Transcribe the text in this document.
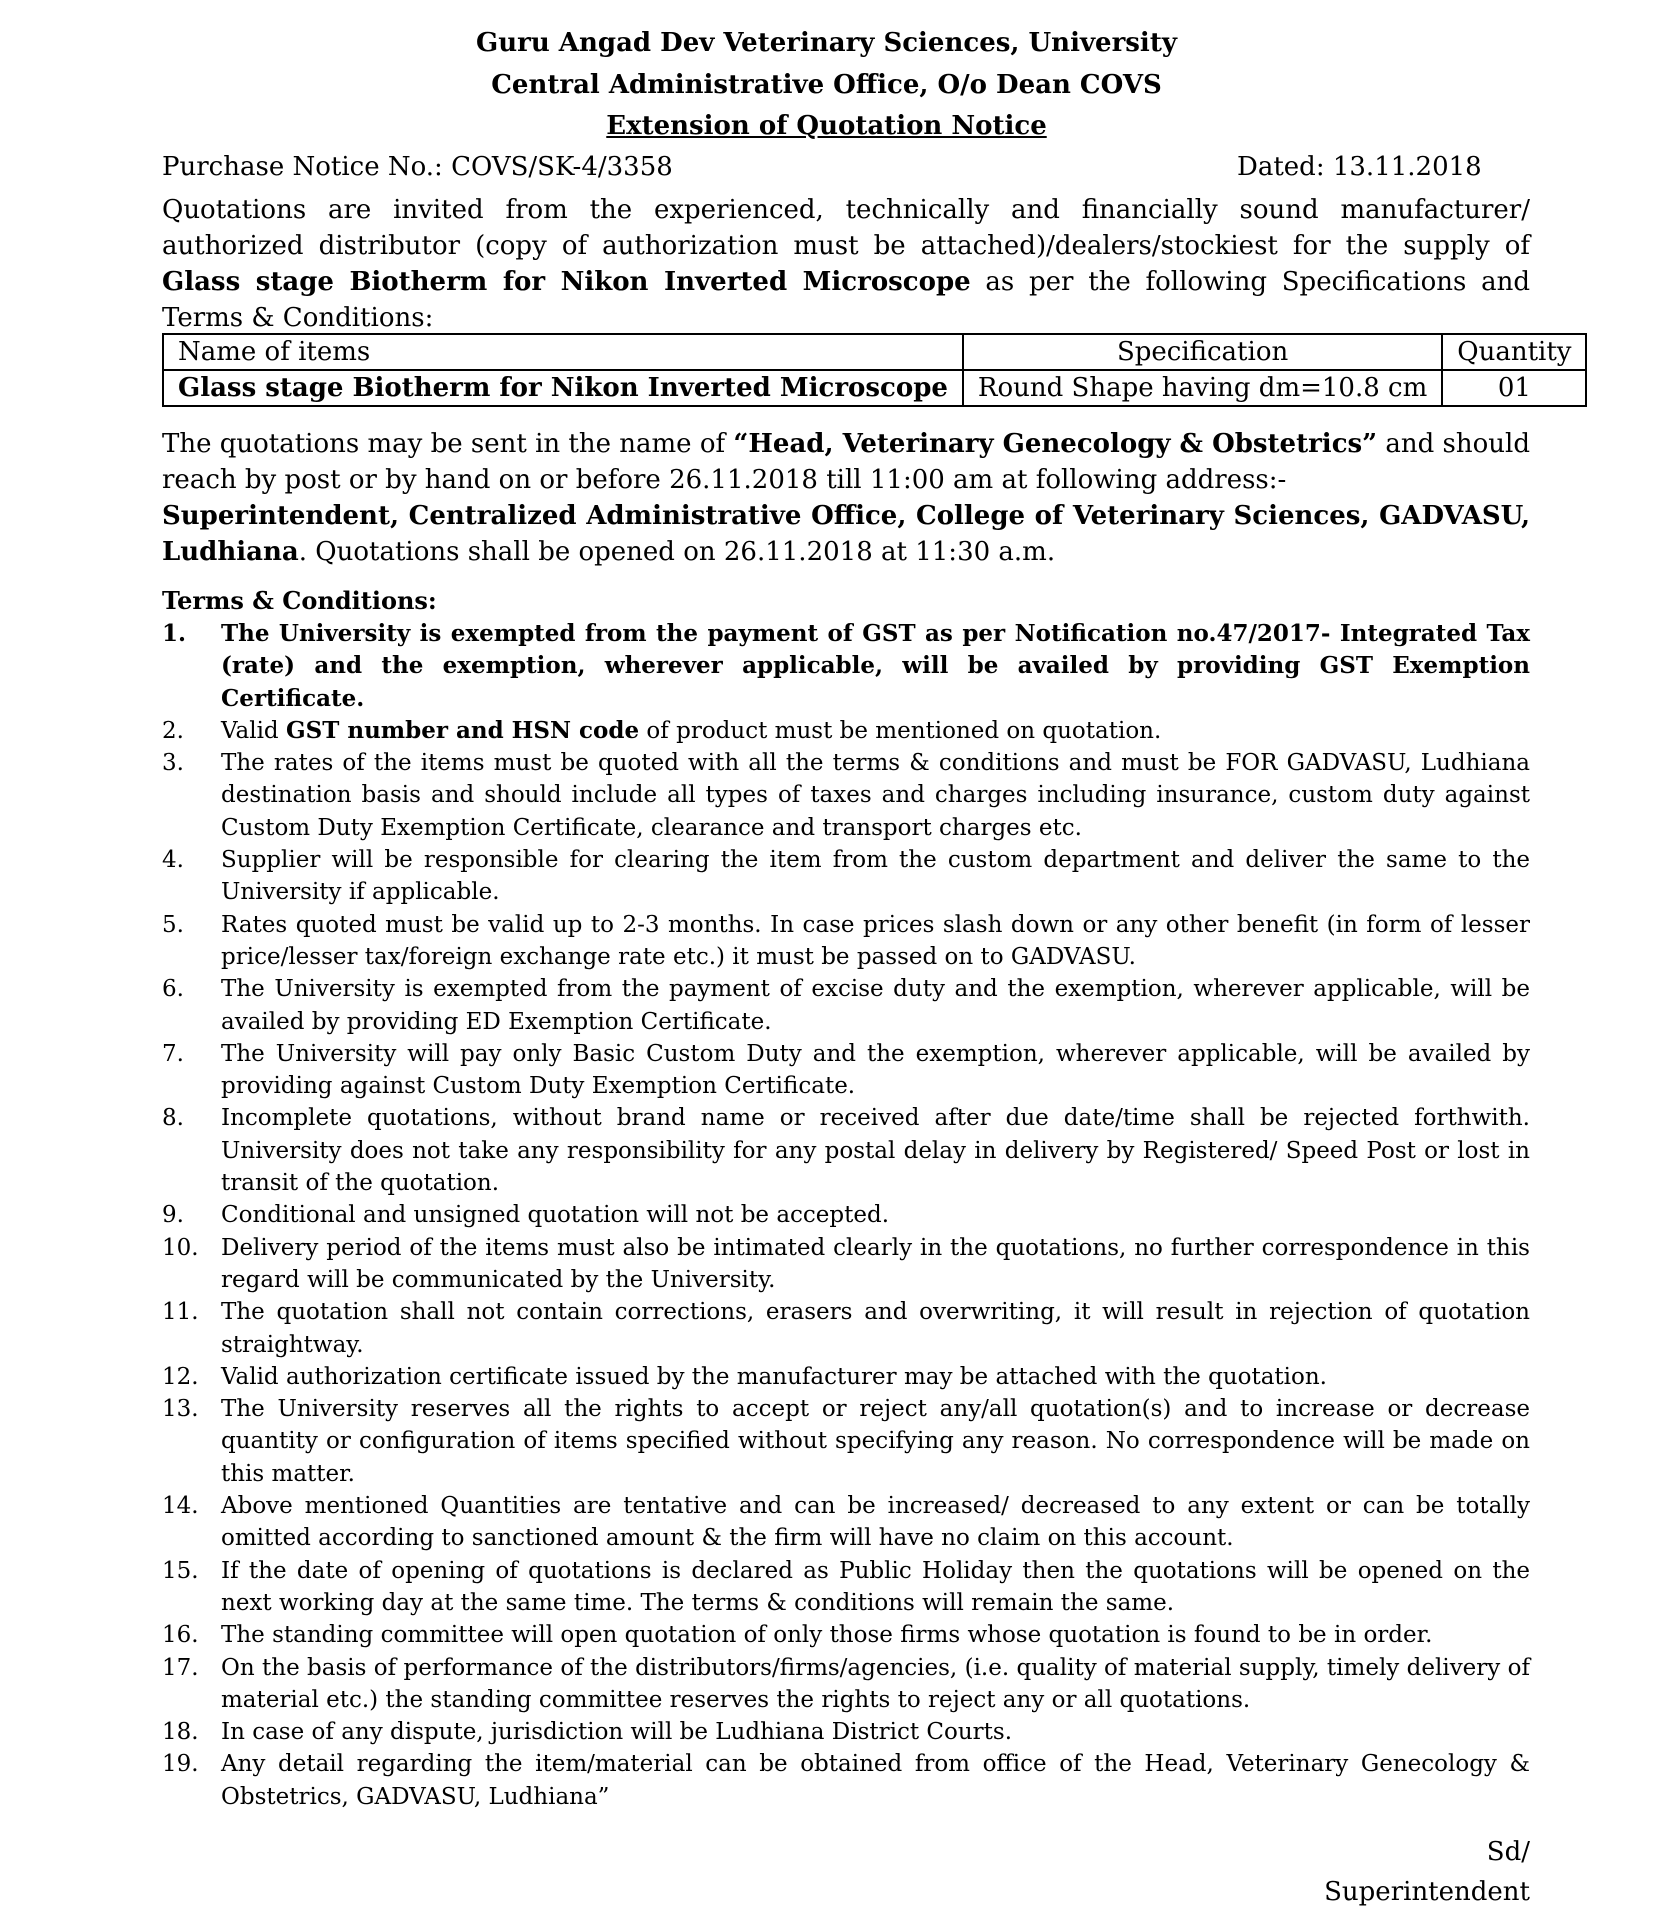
Guru Angad Dev Veterinary Sciences, University
Central Administrative Office, O/o Dean COVS
Extension of Quotation Notice
Purchase Notice No.: COVS/SK-4/3358	Dated: 13.11.2018
Quotations are invited from the experienced, technically and financially sound manufacturer/ authorized distributor (copy of authorization must be attached)/dealers/stockiest for the supply of Glass stage Biotherm for Nikon Inverted Microscope as per the following Specifications and Terms & Conditions:
Name of items	Specification	Quantity
Glass stage Biotherm for Nikon Inverted Microscope	Round Shape having dm=10.8 cm	01
The quotations may be sent in the name of “Head, Veterinary Genecology & Obstetrics” and should reach by post or by hand on or before 26.11.2018 till 11:00 am at following address:-
Superintendent, Centralized Administrative Office, College of Veterinary Sciences, GADVASU, Ludhiana. Quotations shall be opened on 26.11.2018 at 11:30 a.m.
Terms & Conditions:
1. The University is exempted from the payment of GST as per Notification no.47/2017- Integrated Tax (rate) and the exemption, wherever applicable, will be availed by providing GST Exemption Certificate.
2. Valid GST number and HSN code of product must be mentioned on quotation.
3. The rates of the items must be quoted with all the terms & conditions and must be FOR GADVASU, Ludhiana destination basis and should include all types of taxes and charges including insurance, custom duty against Custom Duty Exemption Certificate, clearance and transport charges etc.
4. Supplier will be responsible for clearing the item from the custom department and deliver the same to the University if applicable.
5. Rates quoted must be valid up to 2-3 months. In case prices slash down or any other benefit (in form of lesser price/lesser tax/foreign exchange rate etc.) it must be passed on to GADVASU.
6. The University is exempted from the payment of excise duty and the exemption, wherever applicable, will be availed by providing ED Exemption Certificate.
7. The University will pay only Basic Custom Duty and the exemption, wherever applicable, will be availed by providing against Custom Duty Exemption Certificate.
8. Incomplete quotations, without brand name or received after due date/time shall be rejected forthwith. University does not take any responsibility for any postal delay in delivery by Registered/ Speed Post or lost in transit of the quotation.
9. Conditional and unsigned quotation will not be accepted.
10. Delivery period of the items must also be intimated clearly in the quotations, no further correspondence in this regard will be communicated by the University.
11. The quotation shall not contain corrections, erasers and overwriting, it will result in rejection of quotation straightway.
12. Valid authorization certificate issued by the manufacturer may be attached with the quotation.
13. The University reserves all the rights to accept or reject any/all quotation(s) and to increase or decrease quantity or configuration of items specified without specifying any reason. No correspondence will be made on this matter.
14. Above mentioned Quantities are tentative and can be increased/ decreased to any extent or can be totally omitted according to sanctioned amount & the firm will have no claim on this account.
15. If the date of opening of quotations is declared as Public Holiday then the quotations will be opened on the next working day at the same time. The terms & conditions will remain the same.
16. The standing committee will open quotation of only those firms whose quotation is found to be in order.
17. On the basis of performance of the distributors/firms/agencies, (i.e. quality of material supply, timely delivery of material etc.) the standing committee reserves the rights to reject any or all quotations.
18. In case of any dispute, jurisdiction will be Ludhiana District Courts.
19. Any detail regarding the item/material can be obtained from office of the Head, Veterinary Genecology & Obstetrics, GADVASU, Ludhiana”
Sd/
Superintendent
